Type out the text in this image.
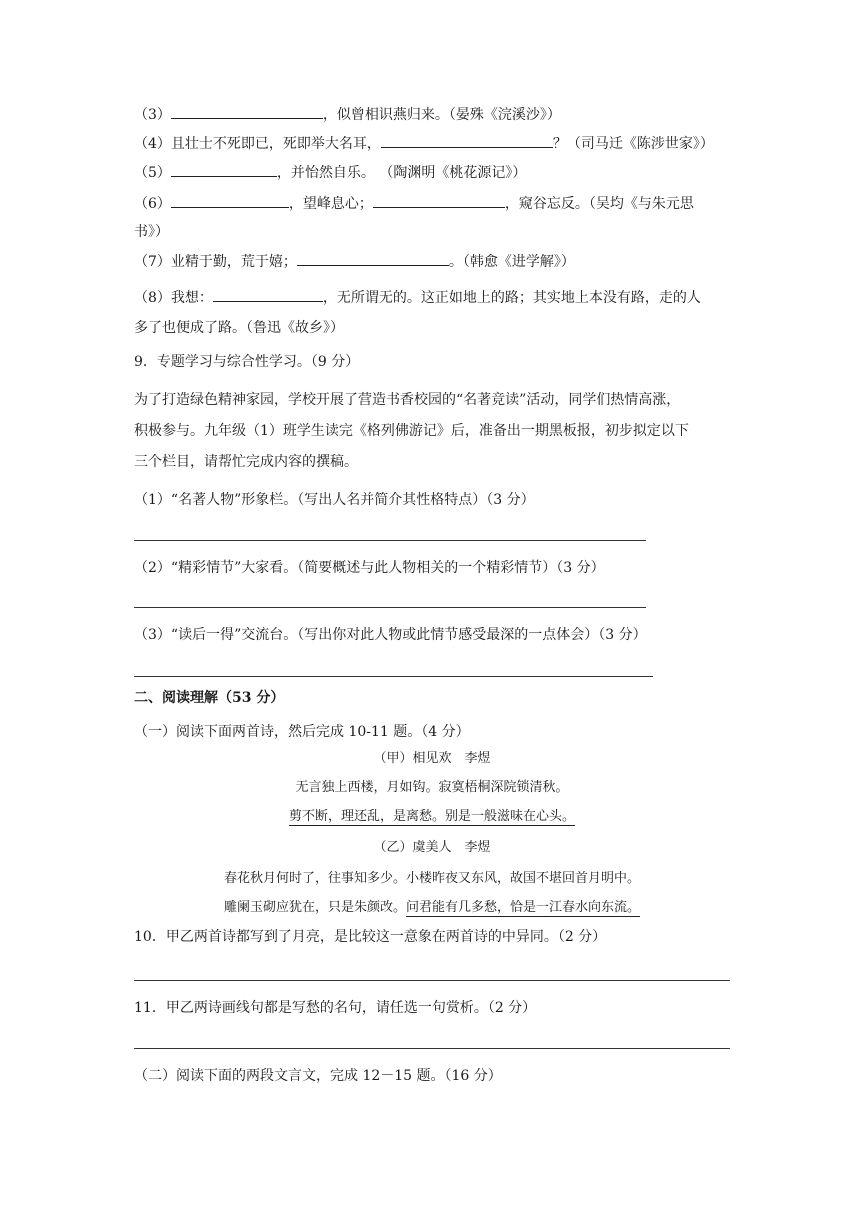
（3）	，似曾相识燕归来。（晏殊《浣溪沙》）
（4）且壮士不死即已，死即举大名耳，	？（司马迁《陈涉世家》）
（5）	，并怡然自乐。 （陶渊明《桃花源记》）
（6）	，望峰息心；	，窥谷忘反。（吴均《与朱元思
书》）
（7）业精于勤，荒于嬉；	。（韩愈《进学解》）
（8）我想：	，无所谓无的。这正如地上的路；其实地上本没有路，走的人
多了也便成了路。（鲁迅《故乡》）
9．专题学习与综合性学习。（9 分）
为了打造绿色精神家园，学校开展了营造书香校园的“名著竞读”活动，同学们热情高涨，
积极参与。九年级（1）班学生读完《格列佛游记》后，准备出一期黑板报，初步拟定以下
三个栏目，请帮忙完成内容的撰稿。
（1）“名著人物”形象栏。（写出人名并简介其性格特点）（3 分）
（2）“精彩情节”大家看。（简要概述与此人物相关的一个精彩情节）（3 分）
（3）“读后一得”交流台。（写出你对此人物或此情节感受最深的一点体会）（3 分）
二、阅读理解（53 分）
（一）阅读下面两首诗，然后完成 10-11 题。（4 分）
（甲）相见欢　李煜
无言独上西楼，月如钩。寂寞梧桐深院锁清秋。
剪不断，理还乱，是离愁。别是一般滋味在心头。
（乙）虞美人　李煜
春花秋月何时了，往事知多少。小楼昨夜又东风，故国不堪回首月明中。
雕阑玉砌应犹在，只是朱颜改。问君能有几多愁，恰是一江春水向东流。
10．甲乙两首诗都写到了月亮，是比较这一意象在两首诗的中异同。（2 分）
11．甲乙两诗画线句都是写愁的名句，请任选一句赏析。（2 分）
（二）阅读下面的两段文言文，完成 12－15 题。（16 分）
